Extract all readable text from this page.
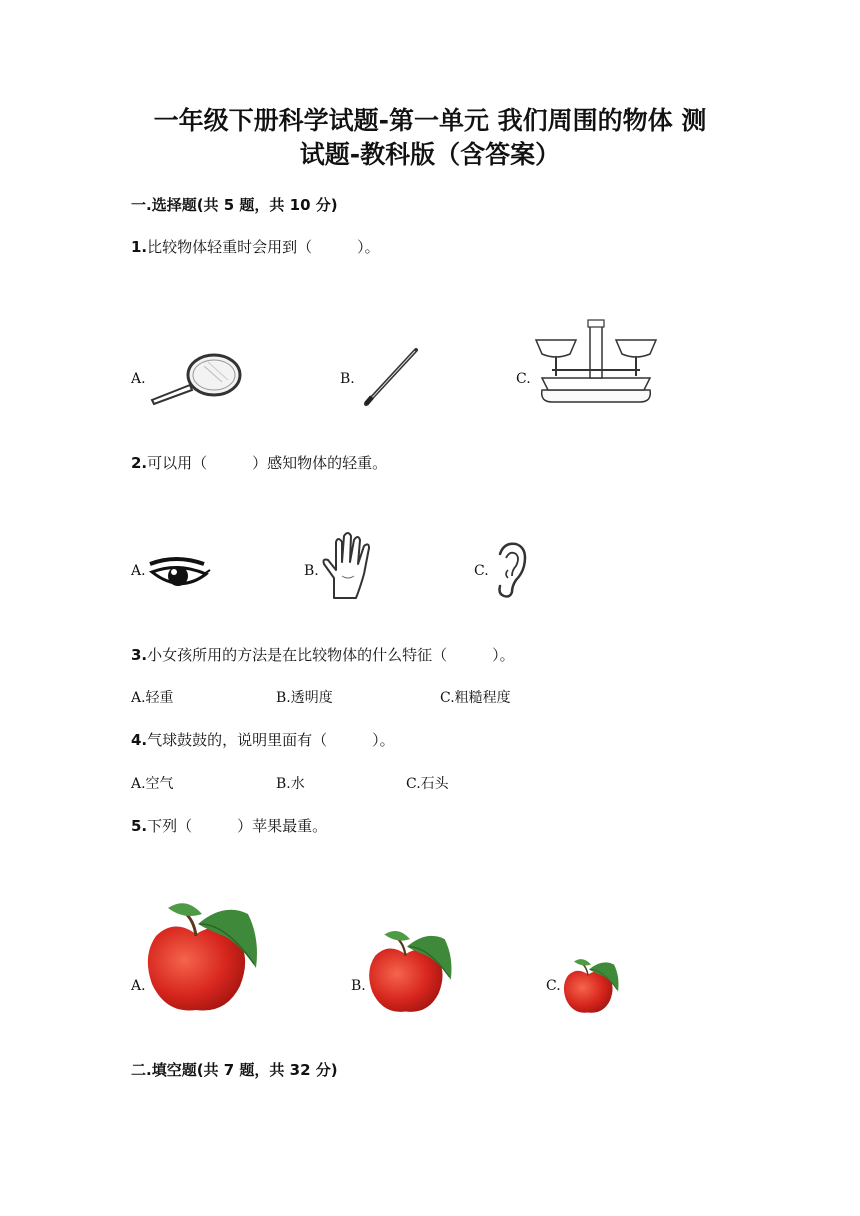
一年级下册科学试题-第一单元 我们周围的物体 测
试题-教科版（含答案）
一.选择题(共 5 题，共 10 分)
1.比较物体轻重时会用到（　　　）。
A.	B.	C.
2.可以用（　　　）感知物体的轻重。
A.	B.	C.
3.小女孩所用的方法是在比较物体的什么特征（　　　）。
A.轻重	B.透明度	C.粗糙程度
4.气球鼓鼓的，说明里面有（　　　）。
A.空气	B.水	C.石头
5.下列（　　　）苹果最重。
A.	B.	C.
二.填空题(共 7 题，共 32 分)
